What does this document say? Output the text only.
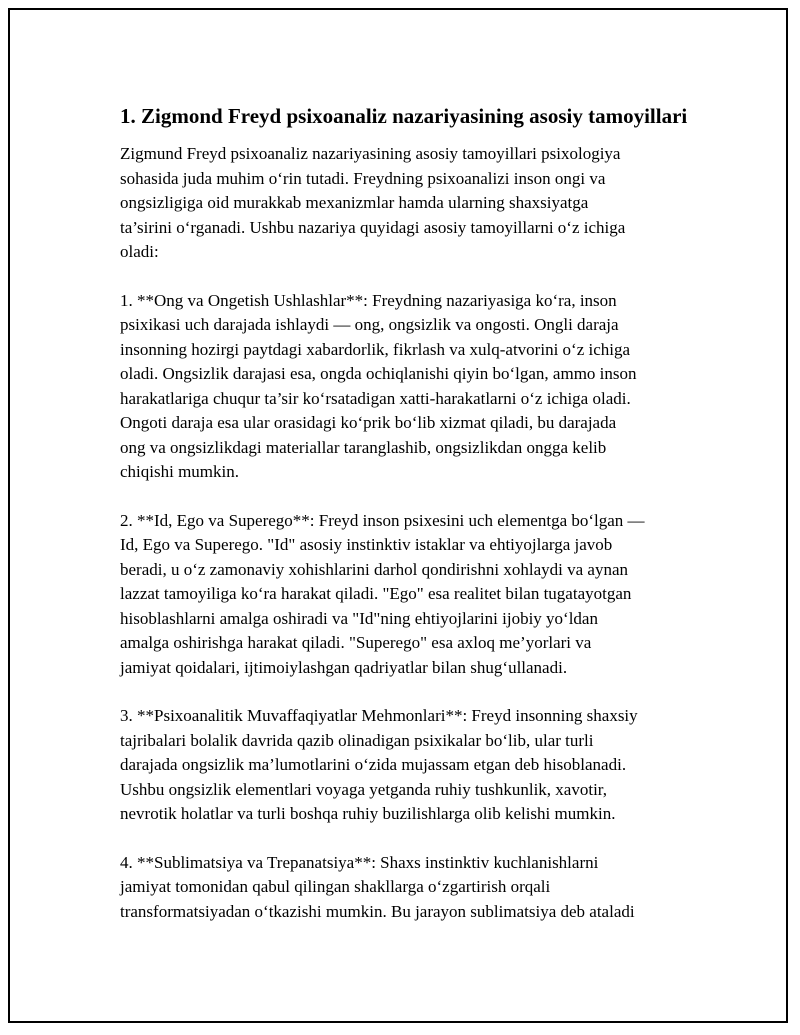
1. Zigmond Freyd psixoanaliz nazariyasining asosiy tamoyillari

Zigmund Freyd psixoanaliz nazariyasining asosiy tamoyillari psixologiya
sohasida juda muhim o‘rin tutadi. Freydning psixoanalizi inson ongi va
ongsizligiga oid murakkab mexanizmlar hamda ularning shaxsiyatga
ta’sirini o‘rganadi. Ushbu nazariya quyidagi asosiy tamoyillarni o‘z ichiga
oladi:

1. **Ong va Ongetish Ushlashlar**: Freydning nazariyasiga ko‘ra, inson
psixikasi uch darajada ishlaydi — ong, ongsizlik va ongosti. Ongli daraja
insonning hozirgi paytdagi xabardorlik, fikrlash va xulq-atvorini o‘z ichiga
oladi. Ongsizlik darajasi esa, ongda ochiqlanishi qiyin bo‘lgan, ammo inson
harakatlariga chuqur ta’sir ko‘rsatadigan xatti-harakatlarni o‘z ichiga oladi.
Ongoti daraja esa ular orasidagi ko‘prik bo‘lib xizmat qiladi, bu darajada
ong va ongsizlikdagi materiallar taranglashib, ongsizlikdan ongga kelib
chiqishi mumkin.

2. **Id, Ego va Superego**: Freyd inson psixesini uch elementga bo‘lgan —
Id, Ego va Superego. "Id" asosiy instinktiv istaklar va ehtiyojlarga javob
beradi, u o‘z zamonaviy xohishlarini darhol qondirishni xohlaydi va aynan
lazzat tamoyiliga ko‘ra harakat qiladi. "Ego" esa realitet bilan tugatayotgan
hisoblashlarni amalga oshiradi va "Id"ning ehtiyojlarini ijobiy yo‘ldan
amalga oshirishga harakat qiladi. "Superego" esa axloq me’yorlari va
jamiyat qoidalari, ijtimoiylashgan qadriyatlar bilan shug‘ullanadi.

3. **Psixoanalitik Muvaffaqiyatlar Mehmonlari**: Freyd insonning shaxsiy
tajribalari bolalik davrida qazib olinadigan psixikalar bo‘lib, ular turli
darajada ongsizlik ma’lumotlarini o‘zida mujassam etgan deb hisoblanadi.
Ushbu ongsizlik elementlari voyaga yetganda ruhiy tushkunlik, xavotir,
nevrotik holatlar va turli boshqa ruhiy buzilishlarga olib kelishi mumkin.

4. **Sublimatsiya va Trepanatsiya**: Shaxs instinktiv kuchlanishlarni
jamiyat tomonidan qabul qilingan shakllarga o‘zgartirish orqali
transformatsiyadan o‘tkazishi mumkin. Bu jarayon sublimatsiya deb ataladi
